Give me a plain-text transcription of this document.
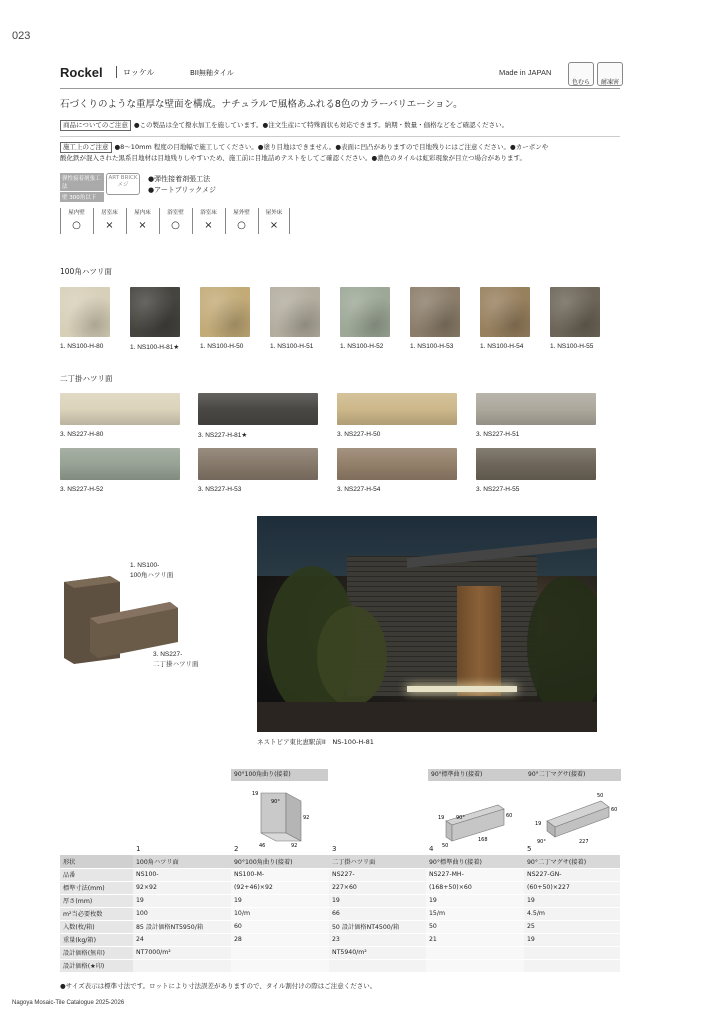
023
Rockel	ロッケル	BII無釉タイル	Made in JAPAN
色むら	耐凍害
石づくりのような重厚な壁面を構成。ナチュラルで風格あふれる8色のカラーバリエーション。
商品についてのご注意 ●この製品は全て撥水加工を施しています。●注文生産にて特殊面状も対応できます。納期・数量・価格などをご確認ください。
施工上のご注意 ●8～10mm 程度の目地幅で施工してください。●塗り目地はできません。●表面に凹凸がありますので目地残りにはご注意ください。●カーボンや
酸化鉄が混入された黒系目地材は目地残りしやすいため、施工前に目地詰めテストをしてご確認ください。●濃色のタイルは虹彩現象が目立つ場合があります。
弾性接着剤張工法
壁 300角以下
ART BRICK メジ
●弾性接着剤張工法
●アートブリックメジ
屋内壁
○
居室床
×
屋内床
×
浴室壁
○
浴室床
×
屋外壁
○
屋外床
×
100角ハツリ面
1. NS100-H-80	1. NS100-H-81★	1. NS100-H-50	1. NS100-H-51	1. NS100-H-52	1. NS100-H-53	1. NS100-H-54	1. NS100-H-55
二丁掛ハツリ面
3. NS227-H-80	3. NS227-H-81★	3. NS227-H-50	3. NS227-H-51
3. NS227-H-52	3. NS227-H-53	3. NS227-H-54	3. NS227-H-55
1. NS100-
100角ハツリ面
3. NS227-
二丁掛ハツリ面
ネストピア東比恵駅前II　NS-100-H-81
90°100角曲り(接着)
19
90°
92
46	92
90°標準曲り(接着)
19 90°	60
50
168
90°二丁マグサ(接着)
50
60
19
90°	227
1	2	3	4	5
形状	100角ハツリ面	90°100角曲り(接着)	二丁掛ハツリ面	90°標準曲り(接着)	90°二丁マグサ(接着)
品番	NS100-	NS100-M-	NS227-	NS227-MH-	NS227-GN-
標準寸法(mm)	92×92	(92+46)×92	227×60	(168+50)×60	(60+50)×227
厚さ(mm)	19	19	19	19	19
m²当必要枚数	100	10/m	66	15/m	4.5/m
入数(枚/箱)	85 設計価格NT5950/箱	60	50 設計価格NT4500/箱	50	25
重量(kg/箱)	24	28	23	21	19
設計価格(無印)	NT7000/m²		NT5940/m²		
設計価格(★印)					
●サイズ表示は標準寸法です。ロットにより寸法誤差がありますので、タイル割付けの際はご注意ください。
Nagoya Mosaic-Tile Catalogue 2025-2026
